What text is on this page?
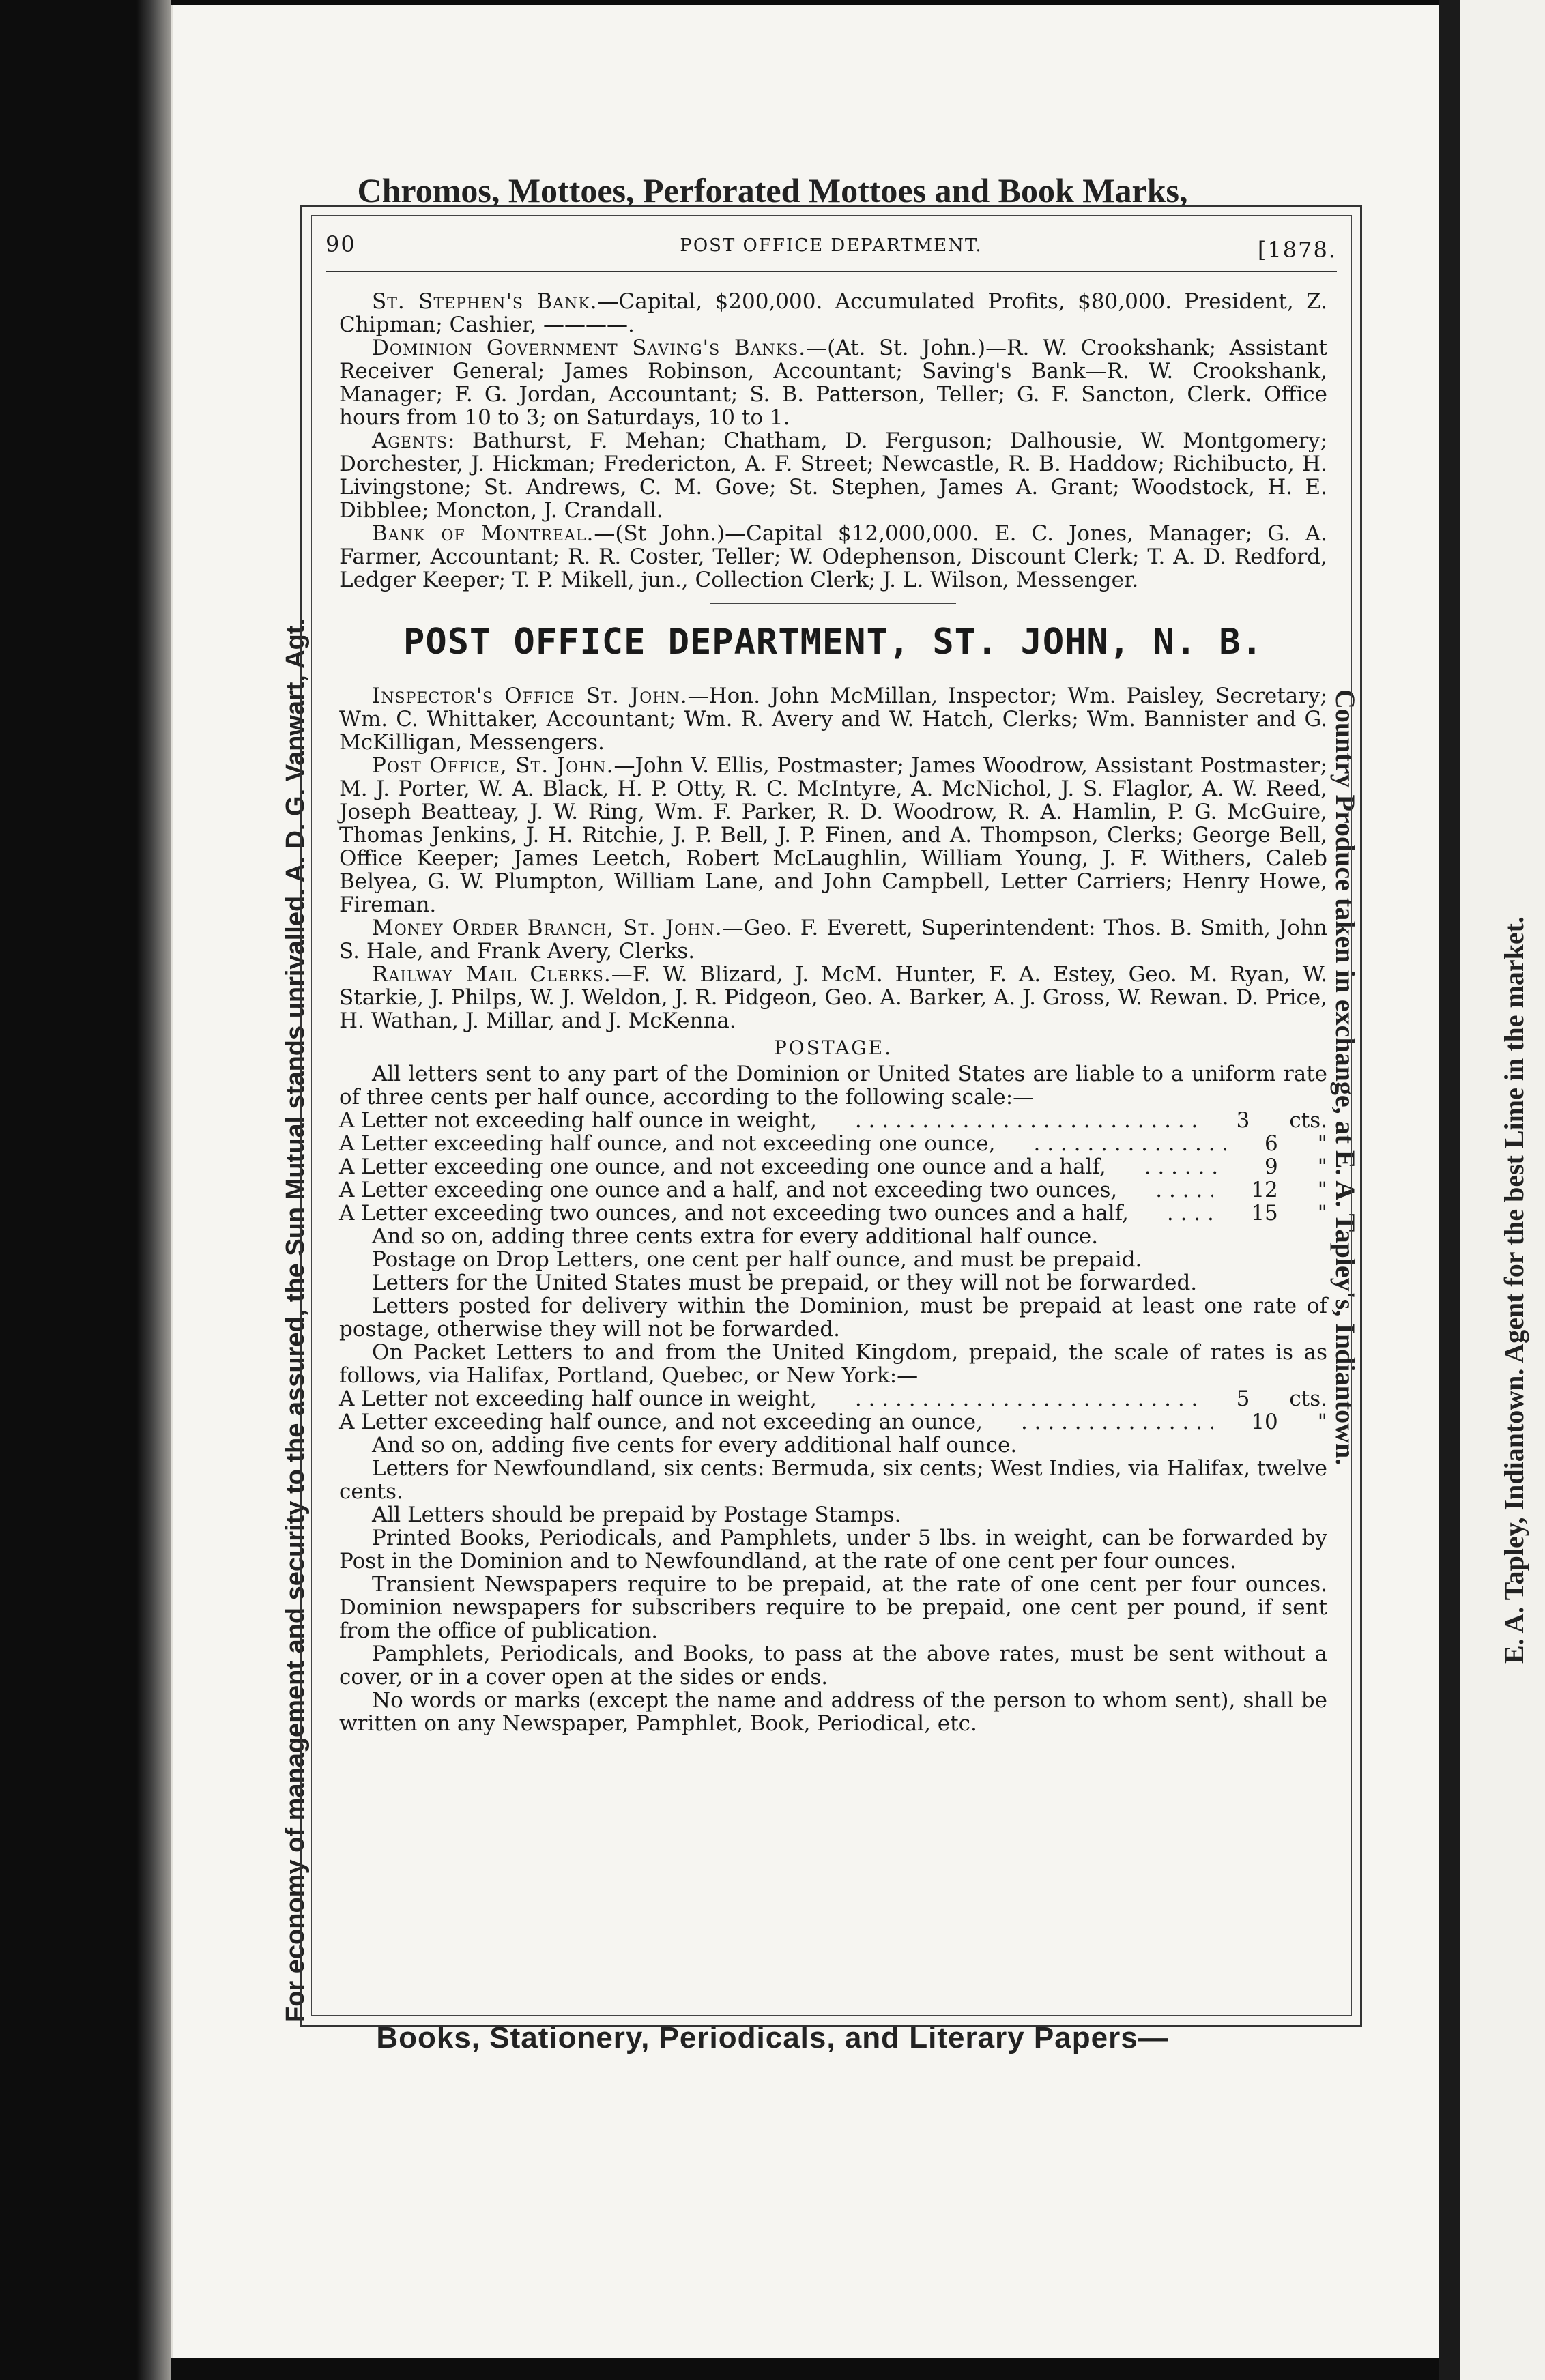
Chromos, Mottoes, Perforated Mottoes and Book Marks,
For economy of management and security to the assured, the Sun Mutual stands unrivalled. A. D. G. Vanwart, Agt.	Country Produce taken in exchange, at E. A. Tapley's, Indiantown.	E. A. Tapley, Indiantown. Agent for the best Lime in the market.
Books, Stationery, Periodicals, and Literary Papers—
90	POST OFFICE DEPARTMENT.	[1878.

St. Stephen's Bank.—Capital, $200,000. Accumulated Profits, $80,000. President, Z. Chipman; Cashier, ————.

Dominion Government Saving's Banks.—(At. St. John.)—R. W. Crookshank; Assistant Receiver General; James Robinson, Accountant; Saving's Bank—R. W. Crookshank, Manager; F. G. Jordan, Accountant; S. B. Patterson, Teller; G. F. Sancton, Clerk. Office hours from 10 to 3; on Saturdays, 10 to 1.

Agents: Bathurst, F. Mehan; Chatham, D. Ferguson; Dalhousie, W. Montgomery; Dorchester, J. Hickman; Fredericton, A. F. Street; Newcastle, R. B. Haddow; Richibucto, H. Livingstone; St. Andrews, C. M. Gove; St. Stephen, James A. Grant; Woodstock, H. E. Dibblee; Moncton, J. Crandall.

Bank of Montreal.—(St John.)—Capital $12,000,000. E. C. Jones, Manager; G. A. Farmer, Accountant; R. R. Coster, Teller; W. Odephenson, Discount Clerk; T. A. D. Redford, Ledger Keeper; T. P. Mikell, jun., Collection Clerk; J. L. Wilson, Messenger.

POST OFFICE DEPARTMENT, ST. JOHN, N. B.

Inspector's Office St. John.—Hon. John McMillan, Inspector; Wm. Paisley, Secretary; Wm. C. Whittaker, Accountant; Wm. R. Avery and W. Hatch, Clerks; Wm. Bannister and G. McKilligan, Messengers.

Post Office, St. John.—John V. Ellis, Postmaster; James Woodrow, Assistant Postmaster; M. J. Porter, W. A. Black, H. P. Otty, R. C. McIntyre, A. McNichol, J. S. Flaglor, A. W. Reed, Joseph Beatteay, J. W. Ring, Wm. F. Parker, R. D. Woodrow, R. A. Hamlin, P. G. McGuire, Thomas Jenkins, J. H. Ritchie, J. P. Bell, J. P. Finen, and A. Thompson, Clerks; George Bell, Office Keeper; James Leetch, Robert McLaughlin, William Young, J. F. Withers, Caleb Belyea, G. W. Plumpton, William Lane, and John Campbell, Letter Carriers; Henry Howe, Fireman.

Money Order Branch, St. John.—Geo. F. Everett, Superintendent: Thos. B. Smith, John S. Hale, and Frank Avery, Clerks.

Railway Mail Clerks.—F. W. Blizard, J. McM. Hunter, F. A. Estey, Geo. M. Ryan, W. Starkie, J. Philps, W. J. Weldon, J. R. Pidgeon, Geo. A. Barker, A. J. Gross, W. Rewan. D. Price, H. Wathan, J. Millar, and J. McKenna.

POSTAGE.

All letters sent to any part of the Dominion or United States are liable to a uniform rate of three cents per half ounce, according to the following scale:—

A Letter not exceeding half ounce in weight, . . .	3 cts.

A Letter exceeding half ounce, and not exceeding one ounce, . . .	6 "

A Letter exceeding one ounce, and not exceeding one ounce and a half, . . .	9 "

A Letter exceeding one ounce and a half, and not exceeding two ounces, . . .	12 "

A Letter exceeding two ounces, and not exceeding two ounces and a half, . . .	15 "

And so on, adding three cents extra for every additional half ounce.

Postage on Drop Letters, one cent per half ounce, and must be prepaid.

Letters for the United States must be prepaid, or they will not be forwarded.

Letters posted for delivery within the Dominion, must be prepaid at least one rate of postage, otherwise they will not be forwarded.

On Packet Letters to and from the United Kingdom, prepaid, the scale of rates is as follows, via Halifax, Portland, Quebec, or New York:—

A Letter not exceeding half ounce in weight, . . .	5 cts.

A Letter exceeding half ounce, and not exceeding an ounce, . . .	10 "

And so on, adding five cents for every additional half ounce.

Letters for Newfoundland, six cents: Bermuda, six cents; West Indies, via Halifax, twelve cents.

All Letters should be prepaid by Postage Stamps.

Printed Books, Periodicals, and Pamphlets, under 5 lbs. in weight, can be forwarded by Post in the Dominion and to Newfoundland, at the rate of one cent per four ounces.

Transient Newspapers require to be prepaid, at the rate of one cent per four ounces. Dominion newspapers for subscribers require to be prepaid, one cent per pound, if sent from the office of publication.

Pamphlets, Periodicals, and Books, to pass at the above rates, must be sent without a cover, or in a cover open at the sides or ends.

No words or marks (except the name and address of the person to whom sent), shall be written on any Newspaper, Pamphlet, Book, Periodical, etc.
